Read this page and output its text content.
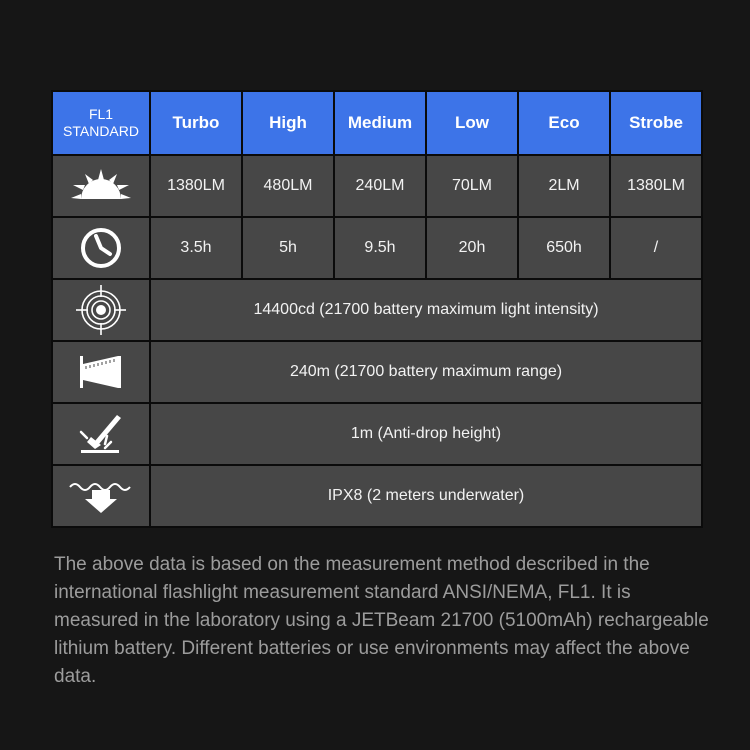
FL1
STANDARD	Turbo	High	Medium	Low	Eco	Strobe

	1380LM	480LM	240LM	70LM	2LM	1380LM

	3.5h	5h	9.5h	20h	650h	/

	14400cd (21700 battery maximum light intensity)					

	240m (21700 battery maximum range)					

	1m (Anti-drop height)					

	IPX8 (2 meters underwater)					

The above data is based on the measurement method described in the international flashlight measurement standard ANSI/NEMA, FL1. It is measured in the laboratory using a JETBeam 21700 (5100mAh) rechargeable lithium battery. Different batteries or use environments may affect the above data.
